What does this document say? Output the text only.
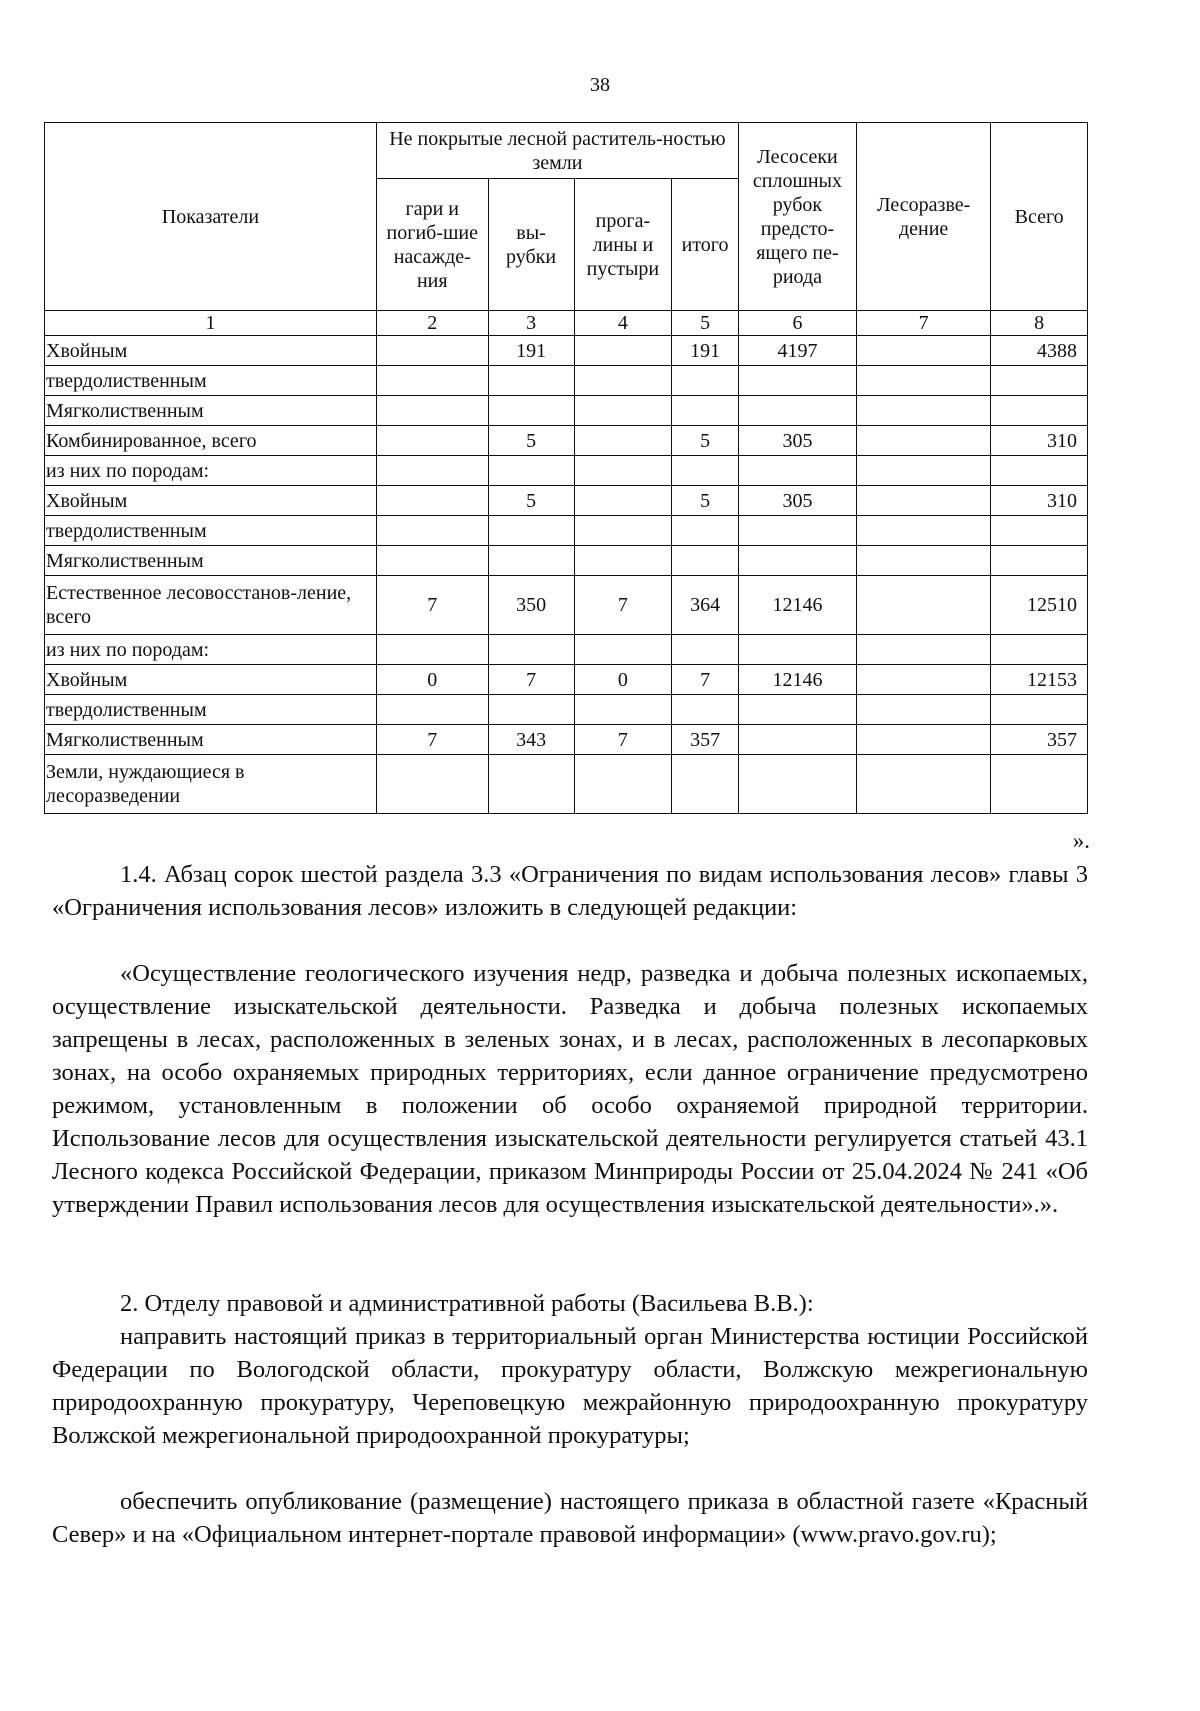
38
Показатели	Не покрытые лесной раститель-ностью земли				Лесосеки сплошных рубок предсто-ящего пе-риода	Лесоразве-дение	Всего
	гари и погиб-шие насажде-ния	вы-рубки	прога-лины и пустыри	итого			
1	2	3	4	5	6	7	8
Хвойным		191		191	4197		4388
твердолиственным							
Мягколиственным							
Комбинированное, всего		5		5	305		310
из них по породам:							
Хвойным		5		5	305		310
твердолиственным							
Мягколиственным							
Естественное лесовосстанов-ление, всего	7	350	7	364	12146		12510
из них по породам:							
Хвойным	0	7	0	7	12146		12153
твердолиственным							
Мягколиственным	7	343	7	357			357
Земли, нуждающиеся в лесоразведении							
».
1.4. Абзац сорок шестой раздела 3.3 «Ограничения по видам использования лесов» главы 3 «Ограничения использования лесов» изложить в следующей редакции:
«Осуществление геологического изучения недр, разведка и добыча полезных ископаемых, осуществление изыскательской деятельности. Разведка и добыча полезных ископаемых запрещены в лесах, расположенных в зеленых зонах, и в лесах, расположенных в лесопарковых зонах, на особо охраняемых природных территориях, если данное ограничение предусмотрено режимом, установленным в положении об особо охраняемой природной территории. Использование лесов для осуществления изыскательской деятельности регулируется статьей 43.1 Лесного кодекса Российской Федерации, приказом Минприроды России от 25.04.2024 № 241 «Об утверждении Правил использования лесов для осуществления изыскательской деятельности».».
2. Отделу правовой и административной работы (Васильева В.В.):
направить настоящий приказ в территориальный орган Министерства юстиции Российской Федерации по Вологодской области, прокуратуру области, Волжскую межрегиональную природоохранную прокуратуру, Череповецкую межрайонную природоохранную прокуратуру Волжской межрегиональной природоохранной прокуратуры;
обеспечить опубликование (размещение) настоящего приказа в областной газете «Красный Север» и на «Официальном интернет-портале правовой информации» (www.pravo.gov.ru);
